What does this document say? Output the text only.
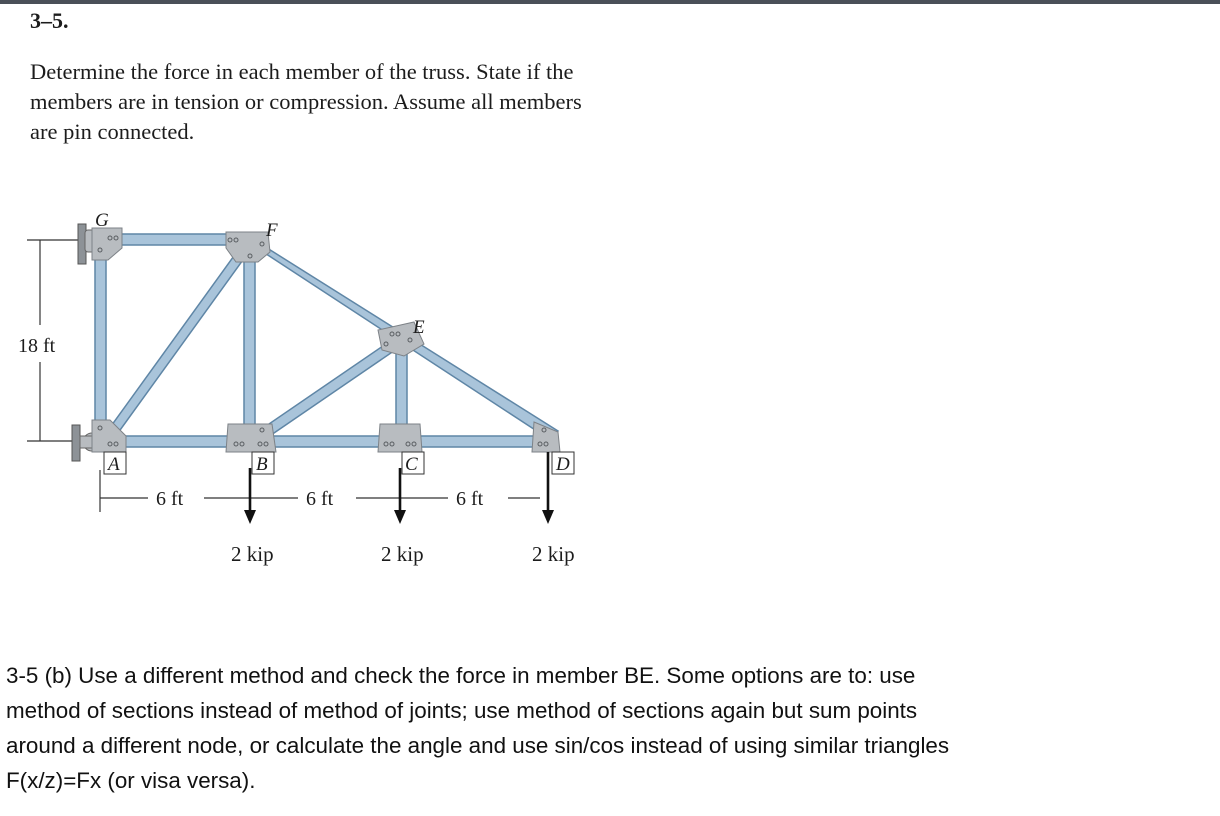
3–5.
Determine the force in each member of the truss. State if the
members are in tension or compression. Assume all members
are pin connected.
18 ft
G	F
E
A	B	C	D
6 ft	6 ft	6 ft
2 kip	2 kip	2 kip
3-5 (b) Use a different method and check the force in member BE. Some options are to: use
method of sections instead of method of joints; use method of sections again but sum points
around a different node, or calculate the angle and use sin/cos instead of using similar triangles
F(x/z)=Fx (or visa versa).
